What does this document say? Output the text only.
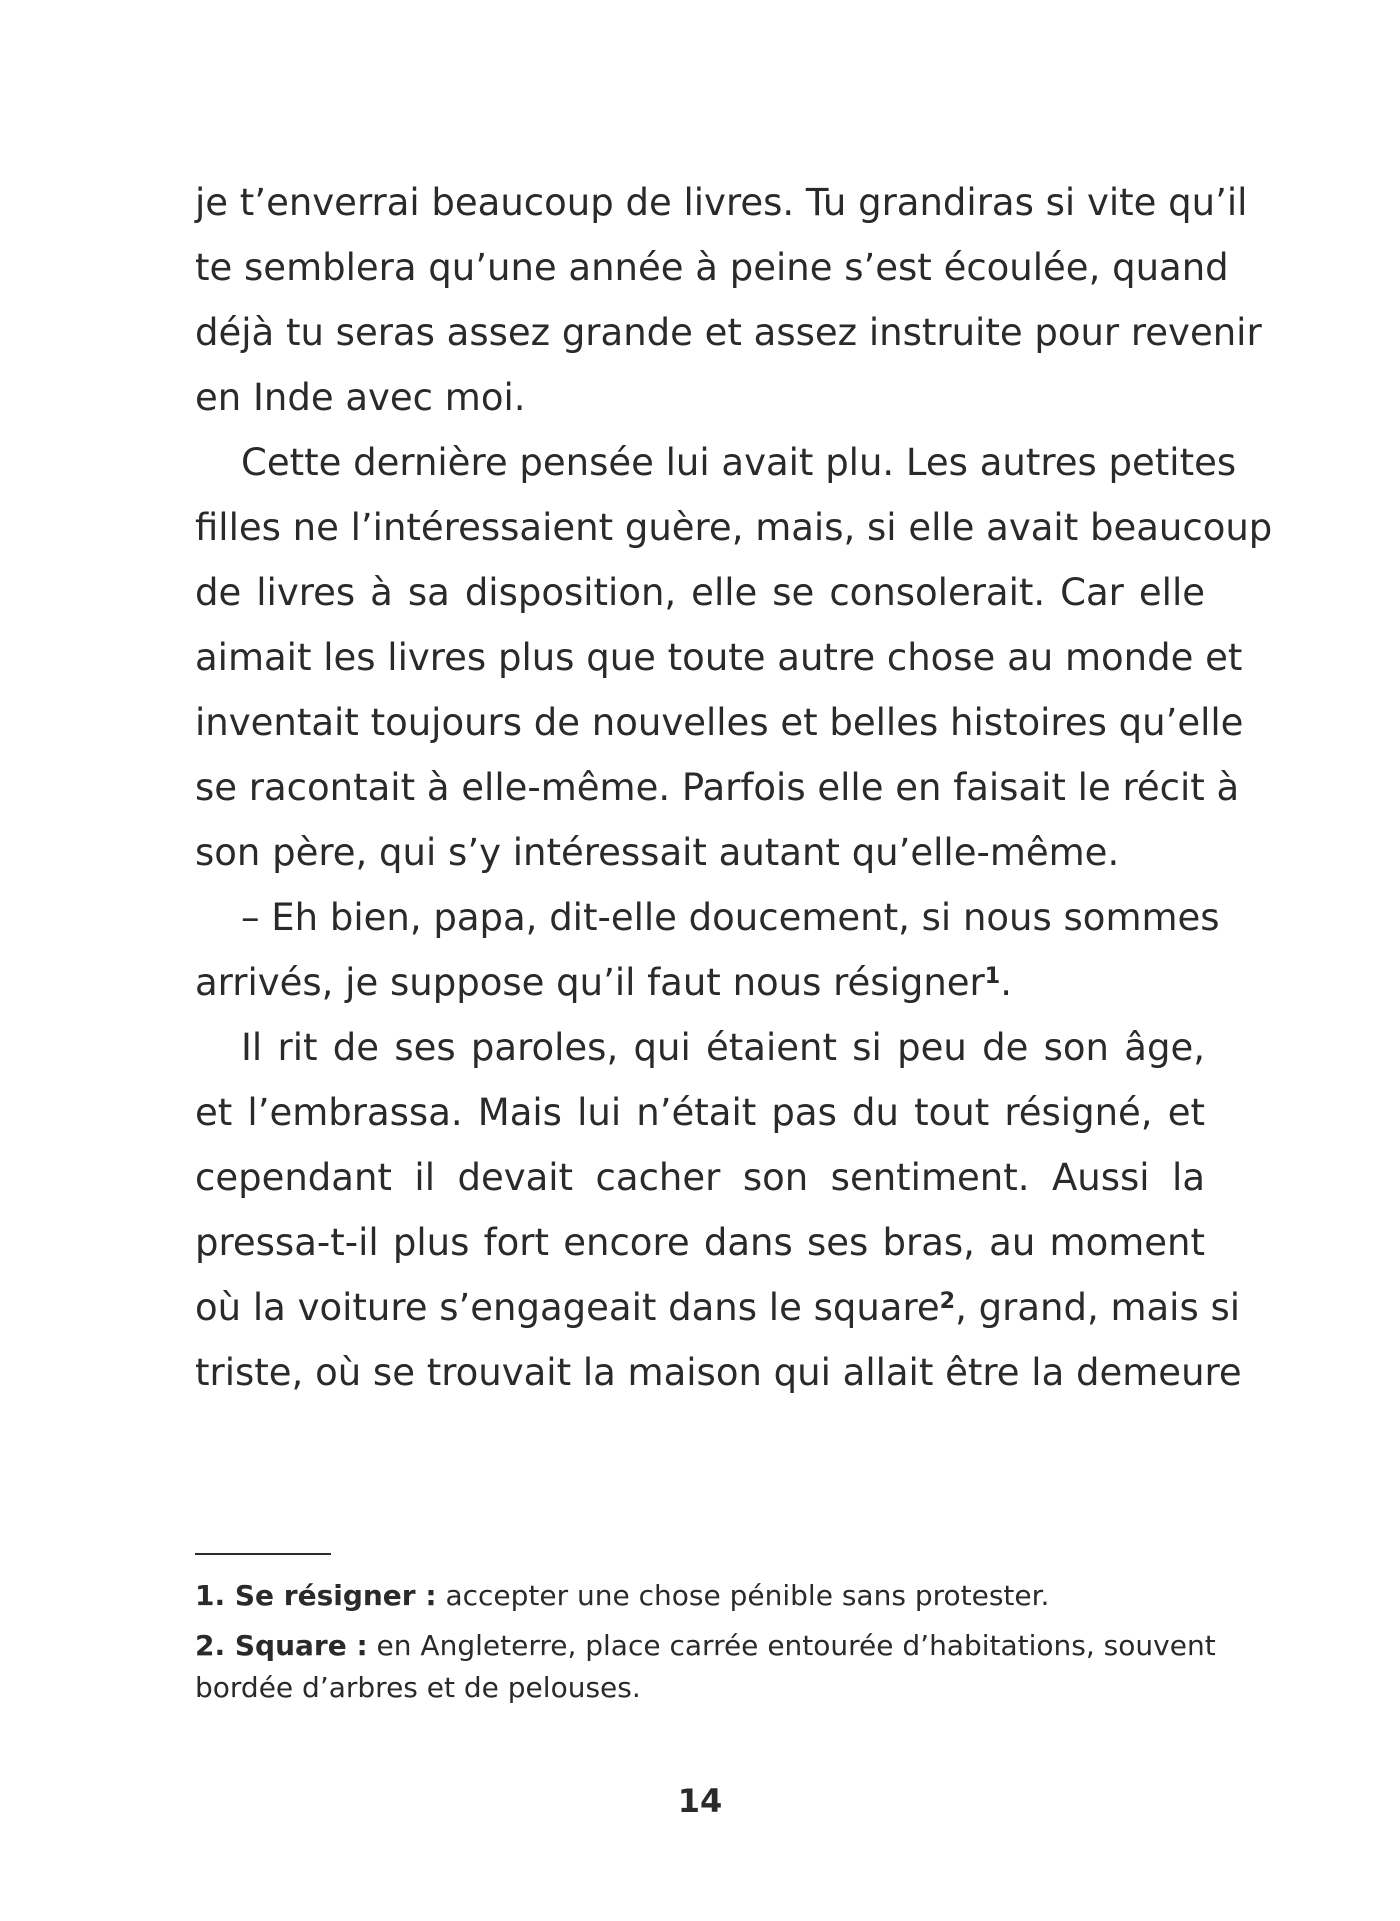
je t’enverrai beaucoup de livres. Tu grandiras si vite qu’il
te semblera qu’une année à peine s’est écoulée, quand
déjà tu seras assez grande et assez instruite pour revenir
en Inde avec moi.
Cette dernière pensée lui avait plu. Les autres petites
filles ne l’intéressaient guère, mais, si elle avait beaucoup
de livres à sa disposition, elle se consolerait. Car elle
aimait les livres plus que toute autre chose au monde et
inventait toujours de nouvelles et belles histoires qu’elle
se racontait à elle-même. Parfois elle en faisait le récit à
son père, qui s’y intéressait autant qu’elle-même.
– Eh bien, papa, dit-elle doucement, si nous sommes
arrivés, je suppose qu’il faut nous résigner$^1$.
Il rit de ses paroles, qui étaient si peu de son âge,
et l’embrassa. Mais lui n’était pas du tout résigné, et
cependant il devait cacher son sentiment. Aussi la
pressa-t-il plus fort encore dans ses bras, au moment
où la voiture s’engageait dans le square$^2$, grand, mais si
triste, où se trouvait la maison qui allait être la demeure
1. Se résigner : accepter une chose pénible sans protester.
2. Square : en Angleterre, place carrée entourée d’habitations, souvent
bordée d’arbres et de pelouses.
14
